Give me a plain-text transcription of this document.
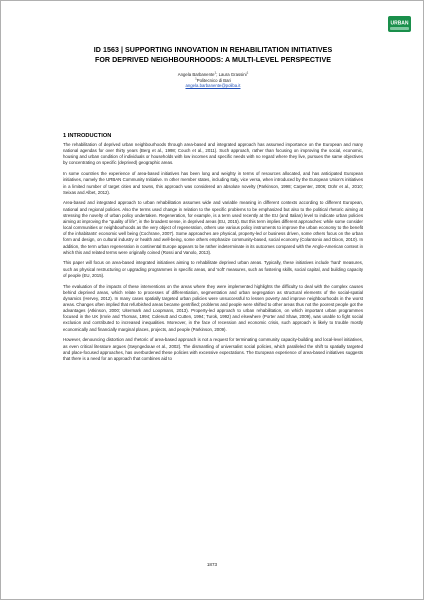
URBAN

ID 1563 | SUPPORTING INNOVATION IN REHABILITATION INITIATIVES
FOR DEPRIVED NEIGHBOURHOODS: A MULTI-LEVEL PERSPECTIVE

Angela Barbanente$^1$; Laura Grassini$^1$
$^1$Politecnico di Bari
angela.barbanente@poliba.it

1 INTRODUCTION

The rehabilitation of deprived urban neighbourhoods through area-based and integrated approach has assumed importance on the European and many national agendas for over thirty years (Berg et al., 1998; Couch et al., 2011). Such approach, rather than focusing on improving the social, economic, housing and urban condition of individuals or households with low incomes and specific needs with no regard where they live, pursues the same objectives by concentrating on specific (deprived) geographic areas.

In some countries the experience of area-based initiatives has been long and weighty in terms of resources allocated, and has anticipated European initiatives, namely the URBAN Community Initiative. In other member states, including Italy, vice versa, when introduced by the European Union's initiatives in a limited number of target cities and towns, this approach was considered an absolute novelty (Parkinson, 1998; Carpenter, 2006; Dühr et al., 2010; Seixas and Albet, 2012).

Area-based and integrated approach to urban rehabilitation assumes wide and variable meaning in different contexts according to different European, national and regional policies. Also the terms used change in relation to the specific problems to be emphasized but also to the political rhetoric aiming at stressing the novelty of urban policy undertaken. Regeneration, for example, is a term used recently at the EU (and Italian) level to indicate urban policies aiming at improving the "quality of life", in the broadest sense, in deprived areas (EU, 2015). But this term implies different approaches: while some consider local communities or neighbourhoods as the very object of regeneration, others use various policy instruments to improve the urban economy to the benefit of the inhabitants' economic well being (Cochrane, 2007). Some approaches are physical, property-led or business driven, some others focus on the urban form and design, on cultural industry or health and well-being, some others emphasize community-based, social economy (Colantonio and Dixon, 2010). In addition, the term urban regeneration in continental Europe appears to be rather indeterminate in its outcomes compared with the Anglo-American context in which this and related terms were originally coined (Rossi and Vanolo, 2013).

This paper will focus on area-based integrated initiatives aiming to rehabilitate deprived urban areas. Typically, these initiatives include 'hard' measures, such as physical restructuring or upgrading programmes in specific areas, and 'soft' measures, such as fostering skills, social capital, and building capacity of people (EU, 2015).

The evaluation of the impacts of these interventions on the areas where they were implemented highlights the difficulty to deal with the complex causes behind deprived areas, which relate to processes of differentiation, segmentation and urban segregation as structural elements of the social-spatial dynamics (Hervey, 2012). In many cases spatially targeted urban policies were unsuccessful to lessen poverty and improve neighbourhoods in the worst areas. Changes often implied that refurbished areas became gentrified; problems and people were shifted to other areas thus not the poorest people got the advantages (Atkinson, 2000; Uitermark and Loopmans, 2013). Property-led approach to urban rehabilitation, on which important urban programmes focused in the UK (Imrie and Thomas, 1994; Colenutt and Cutten, 1994; Turok, 1992) and elsewhere (Porter and Shaw, 2009), was unable to fight social exclusion and contributed to increased inequalities. Moreover, in the face of recession and economic crisis, such approach is likely to trouble mostly economically and financially marginal places, projects, and people (Parkinson, 2009).

However, denouncing distortion and rhetoric of area-based approach is not a request for terminating community capacity-building and local-level initiatives, as even critical literature argues (Swyngedouw et al., 2002). The dismantling of universalist social policies, which paralleled the shift to spatially targeted and place-focused approaches, has overburdened these policies with excessive expectations. The European experience of area-based initiatives suggests that there is a need for an approach that combines aid to

1873
